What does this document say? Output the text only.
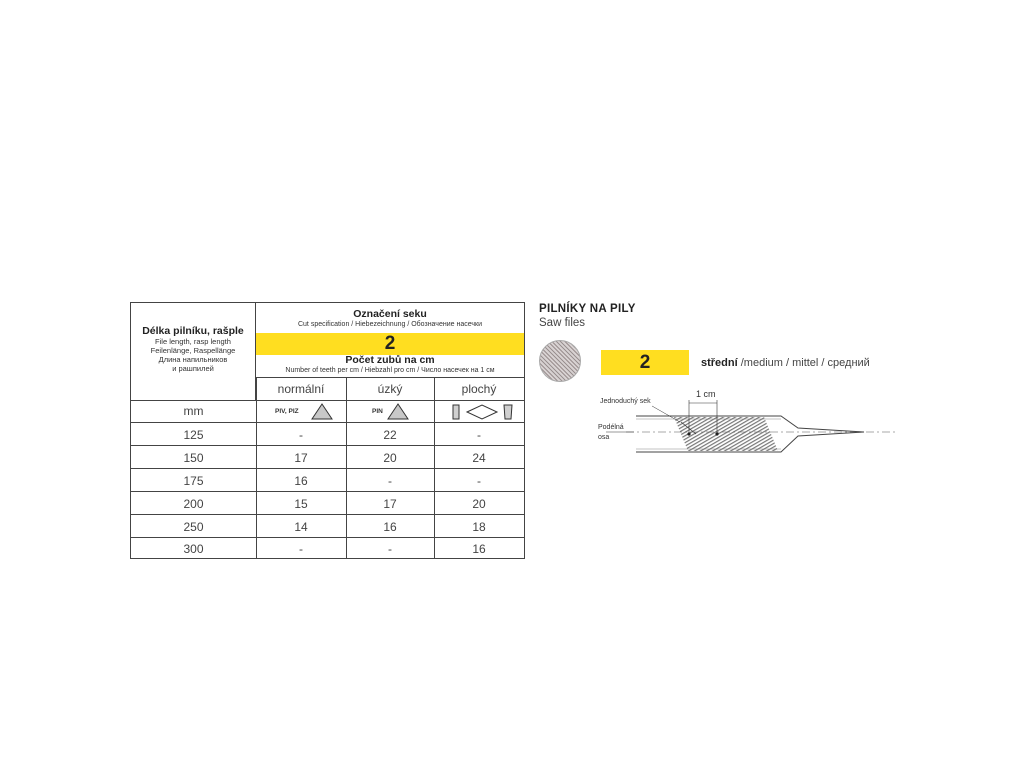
Délka pilníku, rašple
File length, rasp length
Feilenlänge, Raspellänge
Длина напильников
и рашпилей
Označení seku
Cut specification / Hiebezeichnung / Обозначение насечки
2
Počet zubů na cm
Number of teeth per cm / Hiebzahl pro cm / Число насечек на 1 см
normální	úzký	plochý
mm	PIV, PIZ	PIN
125	-	22	-
150	17	20	24
175	16	-	-
200	15	17	20
250	14	16	18
300	-	-	16
PILNÍKY NA PILY
Saw files
2	střední /medium / mittel / средний
Jednoduchý sek
1 cm
Podélná
osa
